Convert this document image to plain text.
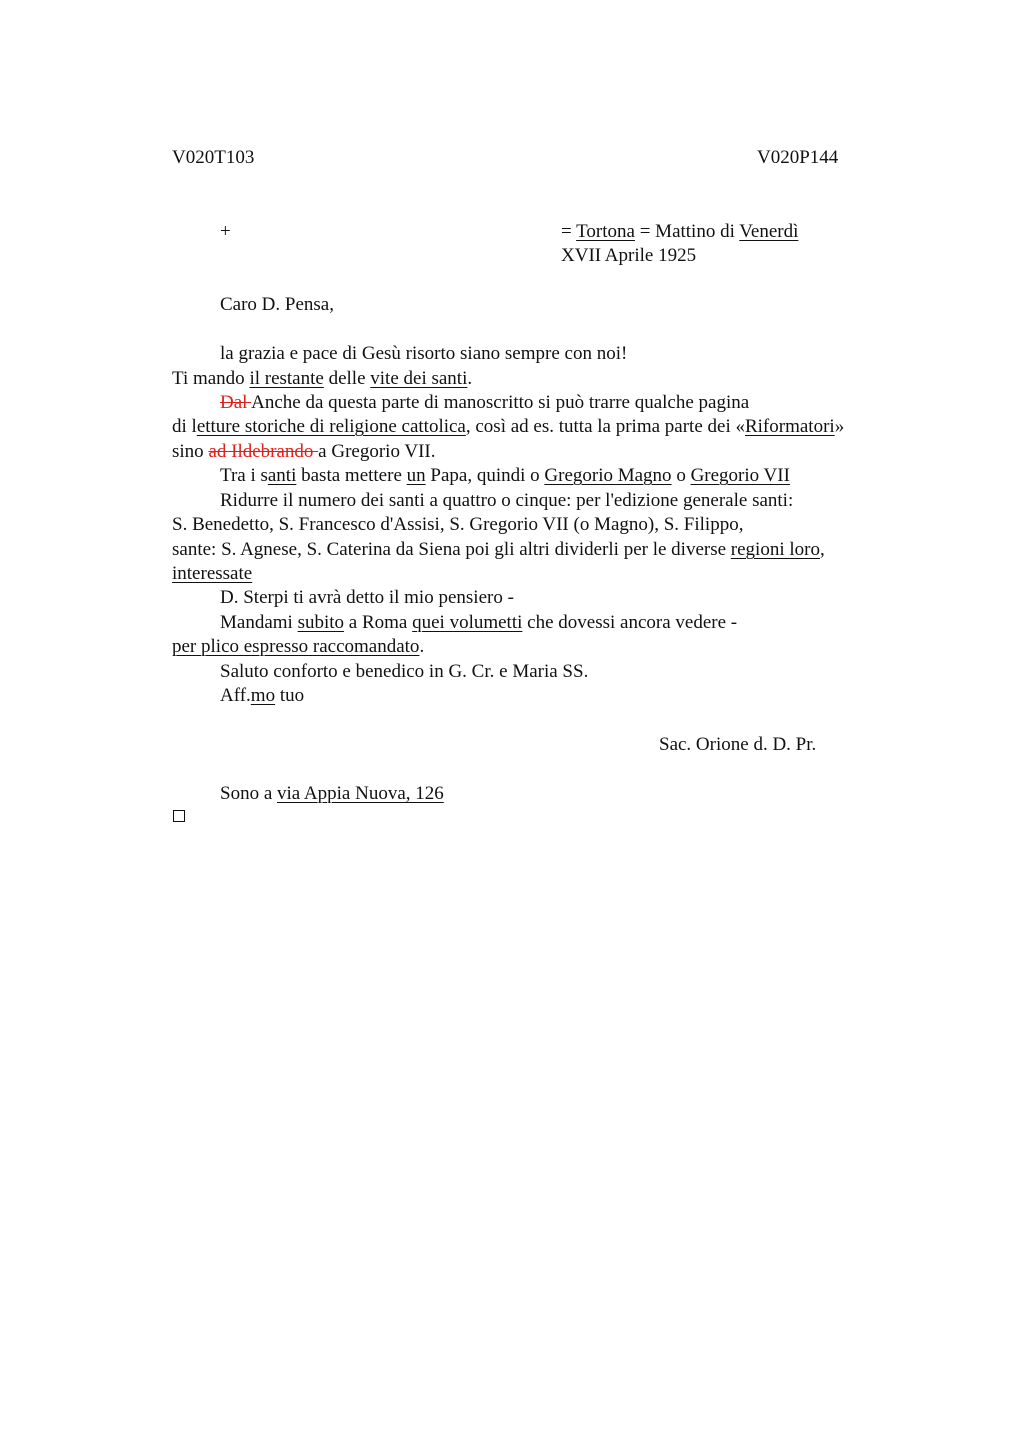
V020T103	V020P144
+	= Tortona = Mattino di Venerdì
XVII Aprile 1925
Caro D. Pensa,
la grazia e pace di Gesù risorto siano sempre con noi!
Ti mando il restante delle vite dei santi.
Dal Anche da questa parte di manoscritto si può trarre qualche pagina
di letture storiche di religione cattolica, così ad es. tutta la prima parte dei «Riformatori»
sino ad Ildebrando a Gregorio VII.
Tra i santi basta mettere un Papa, quindi o Gregorio Magno o Gregorio VII
Ridurre il numero dei santi a quattro o cinque: per l'edizione generale santi:
S. Benedetto, S. Francesco d'Assisi, S. Gregorio VII (o Magno), S. Filippo,
sante: S. Agnese, S. Caterina da Siena poi gli altri dividerli per le diverse regioni loro,
interessate
D. Sterpi ti avrà detto il mio pensiero -
Mandami subito a Roma quei volumetti che dovessi ancora vedere -
per plico espresso raccomandato.
Saluto conforto e benedico in G. Cr. e Maria SS.
Aff.mo tuo
Sac. Orione d. D. Pr.
Sono a via Appia Nuova, 126
